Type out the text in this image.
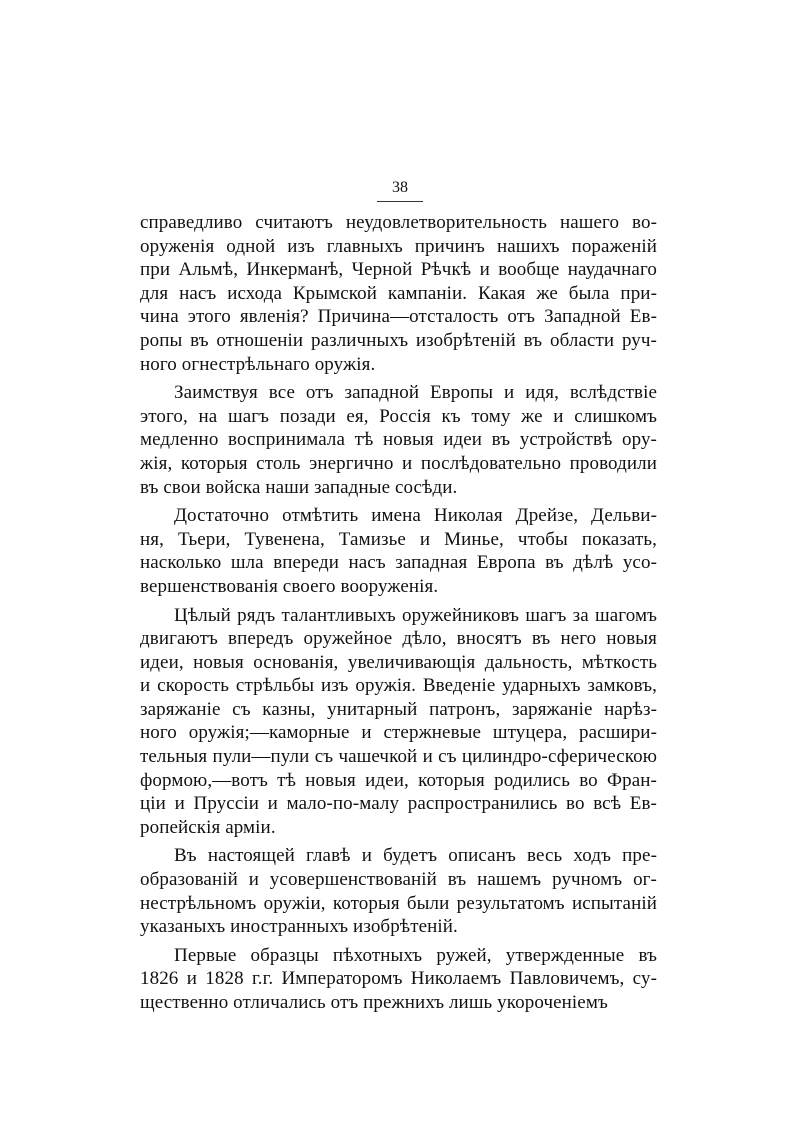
38
справедливо считаютъ неудовлетворительность нашего во-
оруженія одной изъ главныхъ причинъ нашихъ пораженій
при Альмѣ, Инкерманѣ, Черной Рѣчкѣ и вообще наудачнаго
для насъ исхода Крымской кампаніи. Какая же была при-
чина этого явленія? Причина—отсталость отъ Западной Ев-
ропы въ отношеніи различныхъ изобрѣтеній въ области руч-
ного огнестрѣльнаго оружія.
Заимствуя все отъ западной Европы и идя, вслѣдствіе
этого, на шагъ позади ея, Россія къ тому же и слишкомъ
медленно воспринимала тѣ новыя идеи въ устройствѣ ору-
жія, которыя столь энергично и послѣдовательно проводили
въ свои войска наши западные сосѣди.
Достаточно отмѣтить имена Николая Дрейзе, Дельви-
ня, Тьери, Тувенена, Тамизье и Минье, чтобы показать,
насколько шла впереди насъ западная Европа въ дѣлѣ усо-
вершенствованія своего вооруженія.
Цѣлый рядъ талантливыхъ оружейниковъ шагъ за шагомъ
двигаютъ впередъ оружейное дѣло, вносятъ въ него новыя
идеи, новыя основанія, увеличивающія дальность, мѣткость
и скорость стрѣльбы изъ оружія. Введеніе ударныхъ замковъ,
заряжаніе съ казны, унитарный патронъ, заряжаніе нарѣз-
ного оружія;—каморные и стержневые штуцера, расшири-
тельныя пули—пули съ чашечкой и съ цилиндро-сферическою
формою,—вотъ тѣ новыя идеи, которыя родились во Фран-
ціи и Пруссіи и мало-по-малу распространились во всѣ Ев-
ропейскія арміи.
Въ настоящей главѣ и будетъ описанъ весь ходъ пре-
образованій и усовершенствованій въ нашемъ ручномъ ог-
нестрѣльномъ оружіи, которыя были результатомъ испытаній
указаныхъ иностранныхъ изобрѣтеній.
Первые образцы пѣхотныхъ ружей, утвержденные въ
1826 и 1828 г.г. Императоромъ Николаемъ Павловичемъ, су-
щественно отличались отъ прежнихъ лишь укороченіемъ
